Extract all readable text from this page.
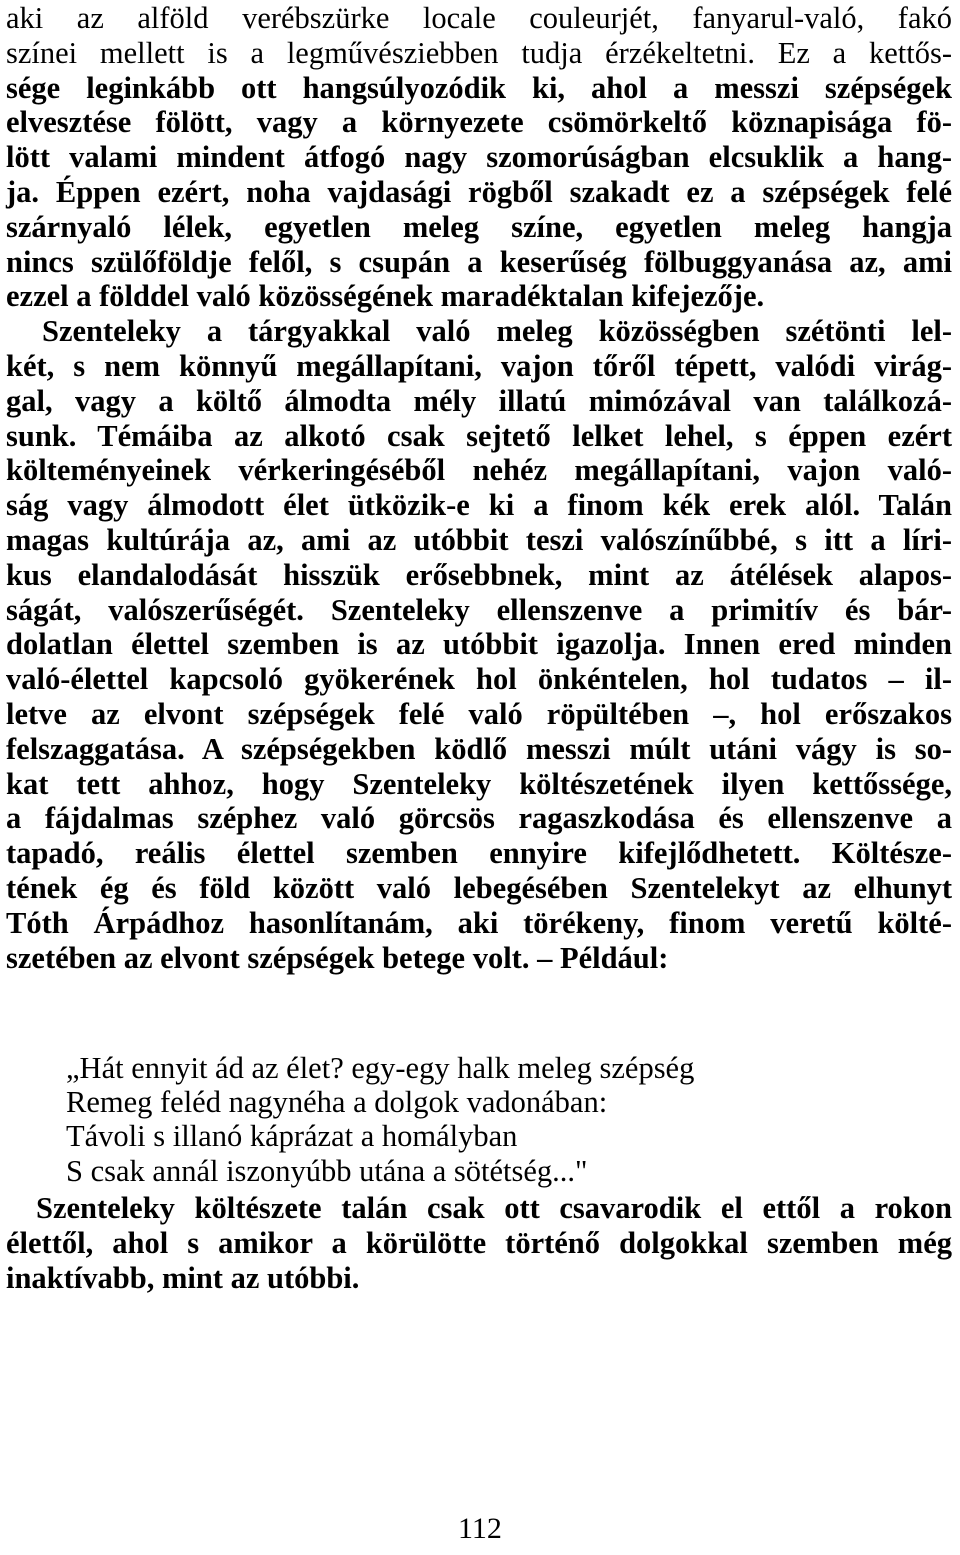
aki az alföld verébszürke locale couleurjét, fanyarul-való, fakó
színei mellett is a legművésziebben tudja érzékeltetni. Ez a kettős-
sége leginkább ott hangsúlyozódik ki, ahol a messzi szépségek
elvesztése fölött, vagy a környezete csömörkeltő köznapisága fö-
lött valami mindent átfogó nagy szomorúságban elcsuklik a hang-
ja. Éppen ezért, noha vajdasági rögből szakadt ez a szépségek felé
szárnyaló lélek, egyetlen meleg színe, egyetlen meleg hangja
nincs szülőföldje felől, s csupán a keserűség fölbuggyanása az, ami
ezzel a földdel való közösségének maradéktalan kifejezője.
Szenteleky a tárgyakkal való meleg közösségben szétönti lel-
két, s nem könnyű megállapítani, vajon tőről tépett, valódi virág-
gal, vagy a költő álmodta mély illatú mimózával van találkozá-
sunk. Témáiba az alkotó csak sejtető lelket lehel, s éppen ezért
költeményeinek vérkeringéséből nehéz megállapítani, vajon való-
ság vagy álmodott élet ütközik-e ki a finom kék erek alól. Talán
magas kultúrája az, ami az utóbbit teszi valószínűbbé, s itt a líri-
kus elandalodását hisszük erősebbnek, mint az átélések alapos-
ságát, valószerűségét. Szenteleky ellenszenve a primitív és bár-
dolatlan élettel szemben is az utóbbit igazolja. Innen ered minden
való-élettel kapcsoló gyökerének hol önkéntelen, hol tudatos – il-
letve az elvont szépségek felé való röpültében –, hol erőszakos
felszaggatása. A szépségekben ködlő messzi múlt utáni vágy is so-
kat tett ahhoz, hogy Szenteleky költészetének ilyen kettőssége,
a fájdalmas széphez való görcsös ragaszkodása és ellenszenve a
tapadó, reális élettel szemben ennyire kifejlődhetett. Költésze-
tének ég és föld között való lebegésében Szentelekyt az elhunyt
Tóth Árpádhoz hasonlítanám, aki törékeny, finom veretű költé-
szetében az elvont szépségek betege volt. – Például:
„Hát ennyit ád az élet? egy-egy halk meleg szépség
Remeg feléd nagynéha a dolgok vadonában:
Távoli s illanó káprázat a homályban
S csak annál iszonyúbb utána a sötétség..."
Szenteleky költészete talán csak ott csavarodik el ettől a rokon
élettől, ahol s amikor a körülötte történő dolgokkal szemben még
inaktívabb, mint az utóbbi.
112
